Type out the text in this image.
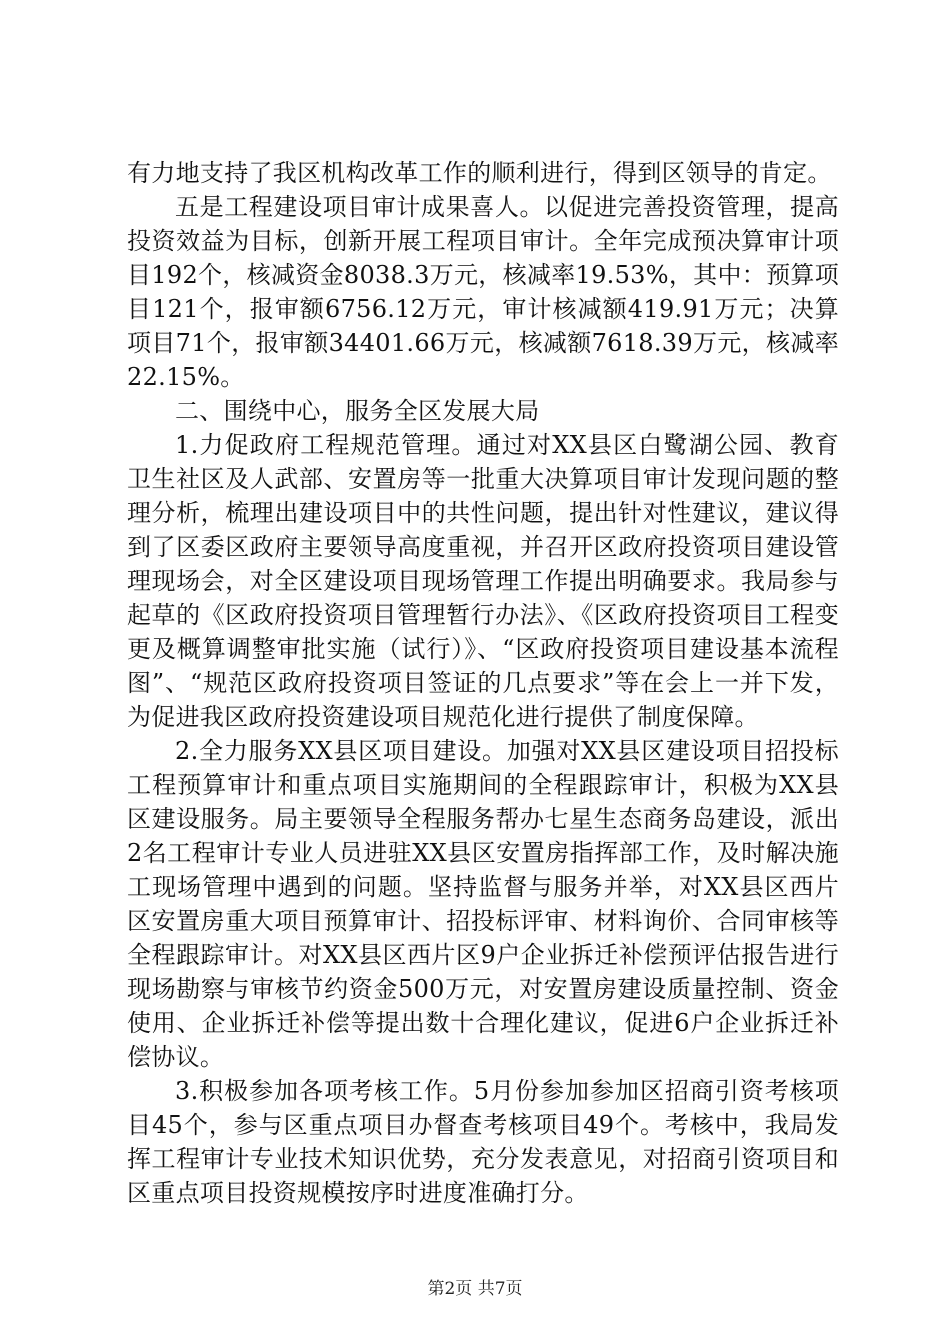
有力地支持了我区机构改革工作的顺利进行，得到区领导的肯定。

五是工程建设项目审计成果喜人。以促进完善投资管理，提高投资效益为目标，创新开展工程项目审计。全年完成预决算审计项目192个，核减资金8038.3万元，核减率19.53%，其中：预算项目121个，报审额6756.12万元，审计核减额419.91万元；决算项目71个，报审额34401.66万元，核减额7618.39万元，核减率22.15%。

二、围绕中心，服务全区发展大局

1.力促政府工程规范管理。通过对XX县区白鹭湖公园、教育卫生社区及人武部、安置房等一批重大决算项目审计发现问题的整理分析，梳理出建设项目中的共性问题，提出针对性建议，建议得到了区委区政府主要领导高度重视，并召开区政府投资项目建设管理现场会，对全区建设项目现场管理工作提出明确要求。我局参与起草的《区政府投资项目管理暂行办法》、《区政府投资项目工程变更及概算调整审批实施（试行）》、“区政府投资项目建设基本流程图”、“规范区政府投资项目签证的几点要求”等在会上一并下发，为促进我区政府投资建设项目规范化进行提供了制度保障。

2.全力服务XX县区项目建设。加强对XX县区建设项目招投标工程预算审计和重点项目实施期间的全程跟踪审计，积极为XX县区建设服务。局主要领导全程服务帮办七星生态商务岛建设，派出2名工程审计专业人员进驻XX县区安置房指挥部工作，及时解决施工现场管理中遇到的问题。坚持监督与服务并举，对XX县区西片区安置房重大项目预算审计、招投标评审、材料询价、合同审核等全程跟踪审计。对XX县区西片区9户企业拆迁补偿预评估报告进行现场勘察与审核节约资金500万元，对安置房建设质量控制、资金使用、企业拆迁补偿等提出数十合理化建议，促进6户企业拆迁补偿协议。

3.积极参加各项考核工作。5月份参加参加区招商引资考核项目45个，参与区重点项目办督查考核项目49个。考核中，我局发挥工程审计专业技术知识优势，充分发表意见，对招商引资项目和区重点项目投资规模按序时进度准确打分。

第2页 共7页
